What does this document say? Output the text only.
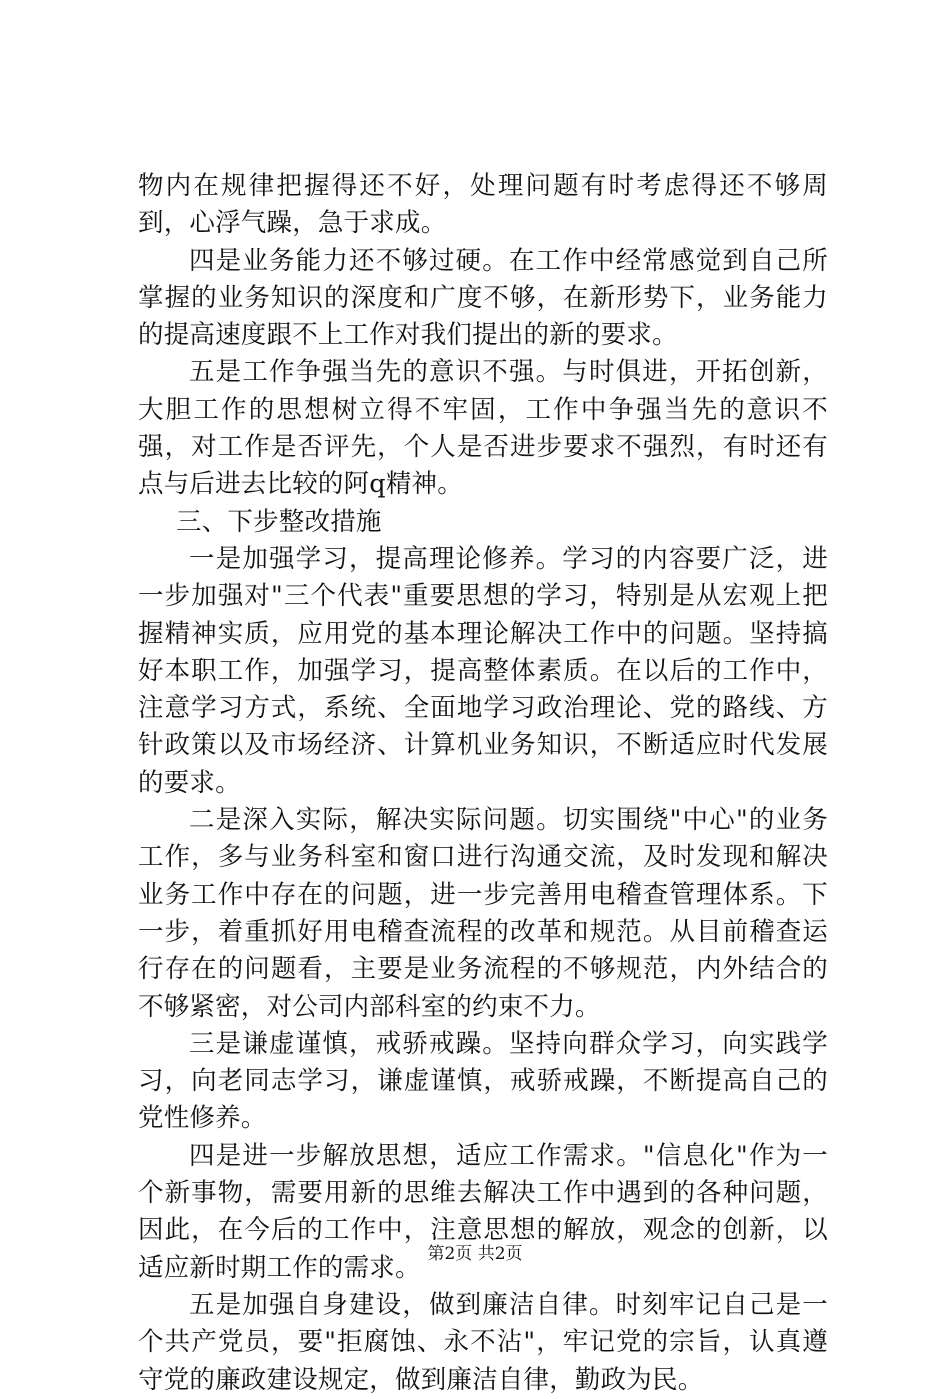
物内在规律把握得还不好，处理问题有时考虑得还不够周到，心浮气躁，急于求成。

四是业务能力还不够过硬。在工作中经常感觉到自己所掌握的业务知识的深度和广度不够，在新形势下，业务能力的提高速度跟不上工作对我们提出的新的要求。

五是工作争强当先的意识不强。与时俱进，开拓创新，大胆工作的思想树立得不牢固，工作中争强当先的意识不强，对工作是否评先，个人是否进步要求不强烈，有时还有点与后进去比较的阿q精神。

三、下步整改措施

一是加强学习，提高理论修养。学习的内容要广泛，进一步加强对"三个代表"重要思想的学习，特别是从宏观上把握精神实质，应用党的基本理论解决工作中的问题。坚持搞好本职工作，加强学习，提高整体素质。在以后的工作中，注意学习方式，系统、全面地学习政治理论、党的路线、方针政策以及市场经济、计算机业务知识，不断适应时代发展的要求。

二是深入实际，解决实际问题。切实围绕"中心"的业务工作，多与业务科室和窗口进行沟通交流，及时发现和解决业务工作中存在的问题，进一步完善用电稽查管理体系。下一步，着重抓好用电稽查流程的改革和规范。从目前稽查运行存在的问题看，主要是业务流程的不够规范，内外结合的不够紧密，对公司内部科室的约束不力。

三是谦虚谨慎，戒骄戒躁。坚持向群众学习，向实践学习，向老同志学习，谦虚谨慎，戒骄戒躁，不断提高自己的党性修养。

四是进一步解放思想，适应工作需求。"信息化"作为一个新事物，需要用新的思维去解决工作中遇到的各种问题，因此，在今后的工作中，注意思想的解放，观念的创新，以适应新时期工作的需求。

五是加强自身建设，做到廉洁自律。时刻牢记自己是一个共产党员，要"拒腐蚀、永不沾"，牢记党的宗旨，认真遵守党的廉政建设规定，做到廉洁自律，勤政为民。

第2页 共2页
